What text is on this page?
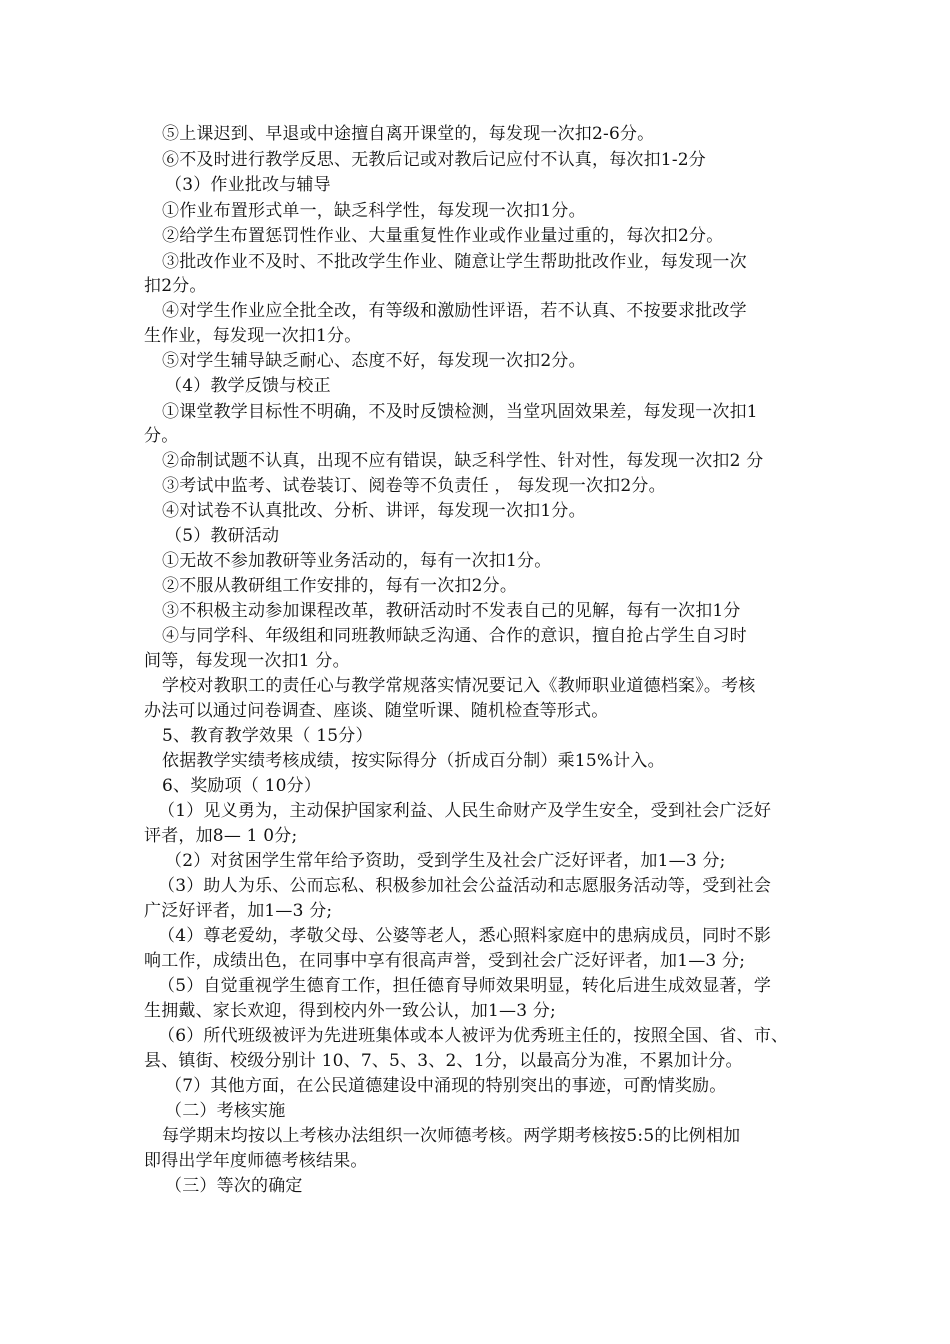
⑤上课迟到、早退或中途擅自离开课堂的，每发现一次扣2-6分。
⑥不及时进行教学反思、无教后记或对教后记应付不认真，每次扣1-2分
（3）作业批改与辅导
①作业布置形式单一，缺乏科学性，每发现一次扣1分。
②给学生布置惩罚性作业、大量重复性作业或作业量过重的，每次扣2分。
③批改作业不及时、不批改学生作业、随意让学生帮助批改作业，每发现一次
扣2分。
④对学生作业应全批全改，有等级和激励性评语，若不认真、不按要求批改学
生作业，每发现一次扣1分。
⑤对学生辅导缺乏耐心、态度不好，每发现一次扣2分。
（4）教学反馈与校正
①课堂教学目标性不明确，不及时反馈检测，当堂巩固效果差，每发现一次扣1
分。
②命制试题不认真，出现不应有错误，缺乏科学性、针对性，每发现一次扣2 分
③考试中监考、试卷装订、阅卷等不负责任 ， 每发现一次扣2分。
④对试卷不认真批改、分析、讲评，每发现一次扣1分。
（5）教研活动
①无故不参加教研等业务活动的，每有一次扣1分。
②不服从教研组工作安排的，每有一次扣2分。
③不积极主动参加课程改革，教研活动时不发表自己的见解，每有一次扣1分
④与同学科、年级组和同班教师缺乏沟通、合作的意识，擅自抢占学生自习时
间等，每发现一次扣1 分。
学校对教职工的责任心与教学常规落实情况要记入《教师职业道德档案》。考核
办法可以通过问卷调查、座谈、随堂听课、随机检查等形式。
5、教育教学效果（ 15分）
依据教学实绩考核成绩，按实际得分（折成百分制）乘15%计入。
6、奖励项（ 10分）
（1）见义勇为，主动保护国家利益、人民生命财产及学生安全，受到社会广泛好
评者，加8— 1 0分;
（2）对贫困学生常年给予资助，受到学生及社会广泛好评者，加1—3 分;
（3）助人为乐、公而忘私、积极参加社会公益活动和志愿服务活动等，受到社会
广泛好评者，加1—3 分;
（4）尊老爱幼，孝敬父母、公婆等老人，悉心照料家庭中的患病成员，同时不影
响工作，成绩出色，在同事中享有很高声誉，受到社会广泛好评者，加1—3 分;
（5）自觉重视学生德育工作，担任德育导师效果明显，转化后进生成效显著，学
生拥戴、家长欢迎，得到校内外一致公认，加1—3 分;
（6）所代班级被评为先进班集体或本人被评为优秀班主任的，按照全国、省、市、
县、镇街、校级分别计 10、7、5、3、2、1分，以最高分为准，不累加计分。
（7）其他方面，在公民道德建设中涌现的特别突出的事迹，可酌情奖励。
（二）考核实施
每学期末均按以上考核办法组织一次师德考核。两学期考核按5:5的比例相加
即得出学年度师德考核结果。
（三）等次的确定
